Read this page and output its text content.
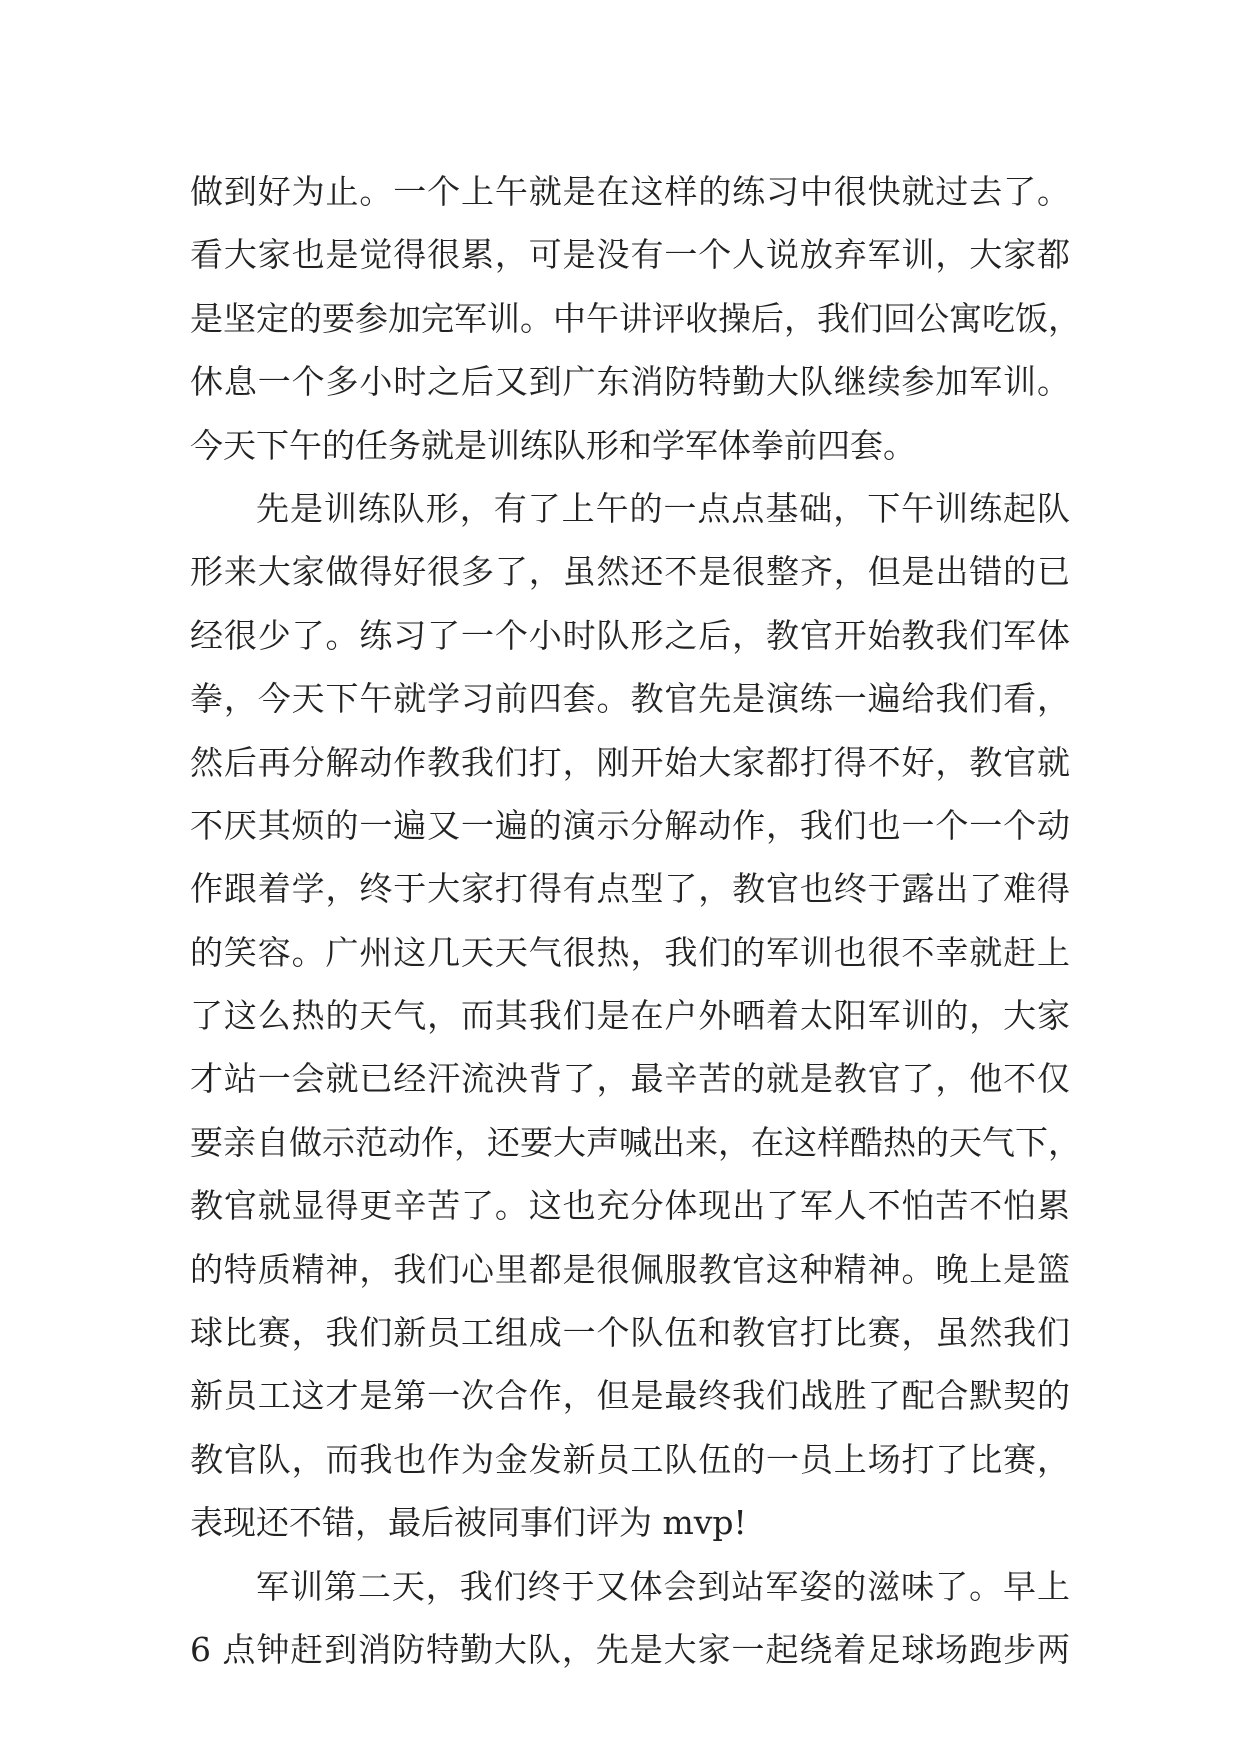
做到好为止。一个上午就是在这样的练习中很快就过去了。
看大家也是觉得很累，可是没有一个人说放弃军训，大家都
是坚定的要参加完军训。中午讲评收操后，我们回公寓吃饭，
休息一个多小时之后又到广东消防特勤大队继续参加军训。
今天下午的任务就是训练队形和学军体拳前四套。
先是训练队形，有了上午的一点点基础，下午训练起队
形来大家做得好很多了，虽然还不是很整齐，但是出错的已
经很少了。练习了一个小时队形之后，教官开始教我们军体
拳，今天下午就学习前四套。教官先是演练一遍给我们看，
然后再分解动作教我们打，刚开始大家都打得不好，教官就
不厌其烦的一遍又一遍的演示分解动作，我们也一个一个动
作跟着学，终于大家打得有点型了，教官也终于露出了难得
的笑容。广州这几天天气很热，我们的军训也很不幸就赶上
了这么热的天气，而其我们是在户外晒着太阳军训的，大家
才站一会就已经汗流泱背了，最辛苦的就是教官了，他不仅
要亲自做示范动作，还要大声喊出来，在这样酷热的天气下，
教官就显得更辛苦了。这也充分体现出了军人不怕苦不怕累
的特质精神，我们心里都是很佩服教官这种精神。晚上是篮
球比赛，我们新员工组成一个队伍和教官打比赛，虽然我们
新员工这才是第一次合作，但是最终我们战胜了配合默契的
教官队，而我也作为金发新员工队伍的一员上场打了比赛，
表现还不错，最后被同事们评为 mvp!
军训第二天，我们终于又体会到站军姿的滋味了。早上
6 点钟赶到消防特勤大队，先是大家一起绕着足球场跑步两
